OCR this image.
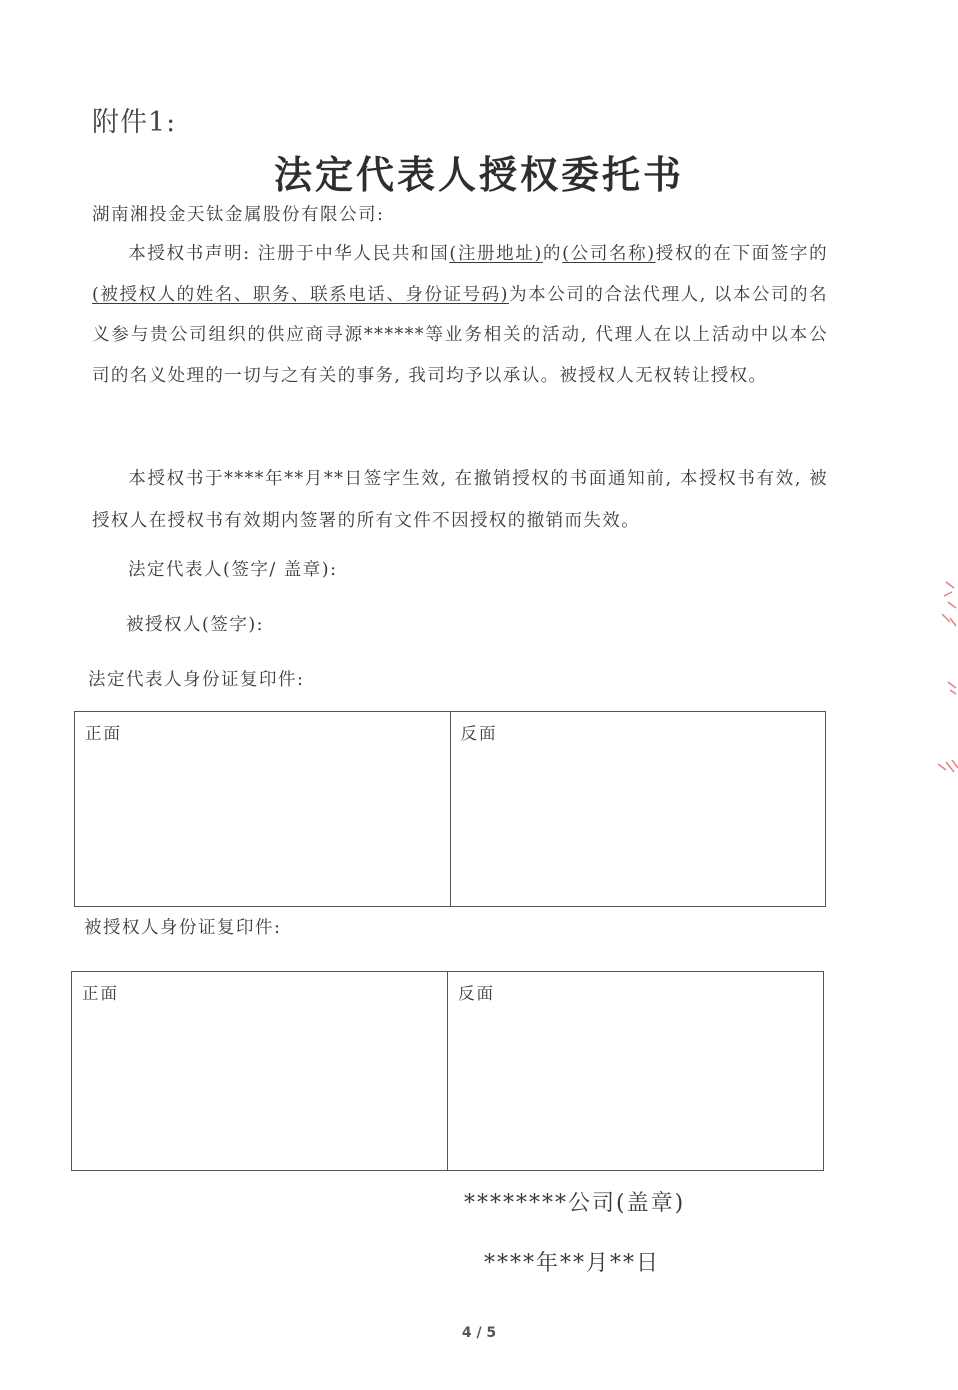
附件1:
法定代表人授权委托书
湖南湘投金天钛金属股份有限公司:
本授权书声明: 注册于中华人民共和国(注册地址)的(公司名称)授权的在下面签字的(被授权人的姓名、职务、联系电话、身份证号码)为本公司的合法代理人, 以本公司的名义参与贵公司组织的供应商寻源******等业务相关的活动, 代理人在以上活动中以本公司的名义处理的一切与之有关的事务, 我司均予以承认。被授权人无权转让授权。
本授权书于****年**月**日签字生效, 在撤销授权的书面通知前, 本授权书有效, 被授权人在授权书有效期内签署的所有文件不因授权的撤销而失效。
法定代表人(签字/ 盖章):
被授权人(签字):
法定代表人身份证复印件:
正面	反面
被授权人身份证复印件:
正面	反面
********公司(盖章)
****年**月**日
4 / 5
